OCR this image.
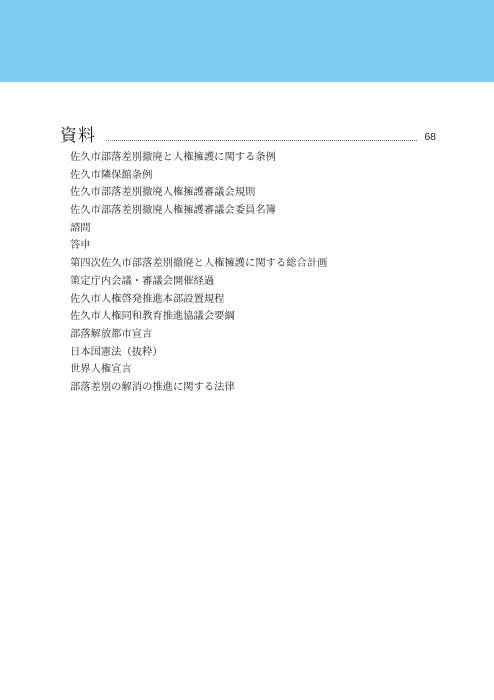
資料	68
佐久市部落差別撤廃と人権擁護に関する条例
佐久市隣保館条例
佐久市部落差別撤廃人権擁護審議会規則
佐久市部落差別撤廃人権擁護審議会委員名簿
諮問
答申
第四次佐久市部落差別撤廃と人権擁護に関する総合計画
策定庁内会議・審議会開催経過
佐久市人権啓発推進本部設置規程
佐久市人権同和教育推進協議会要綱
部落解放都市宣言
日本国憲法（抜粋）
世界人権宣言
部落差別の解消の推進に関する法律
